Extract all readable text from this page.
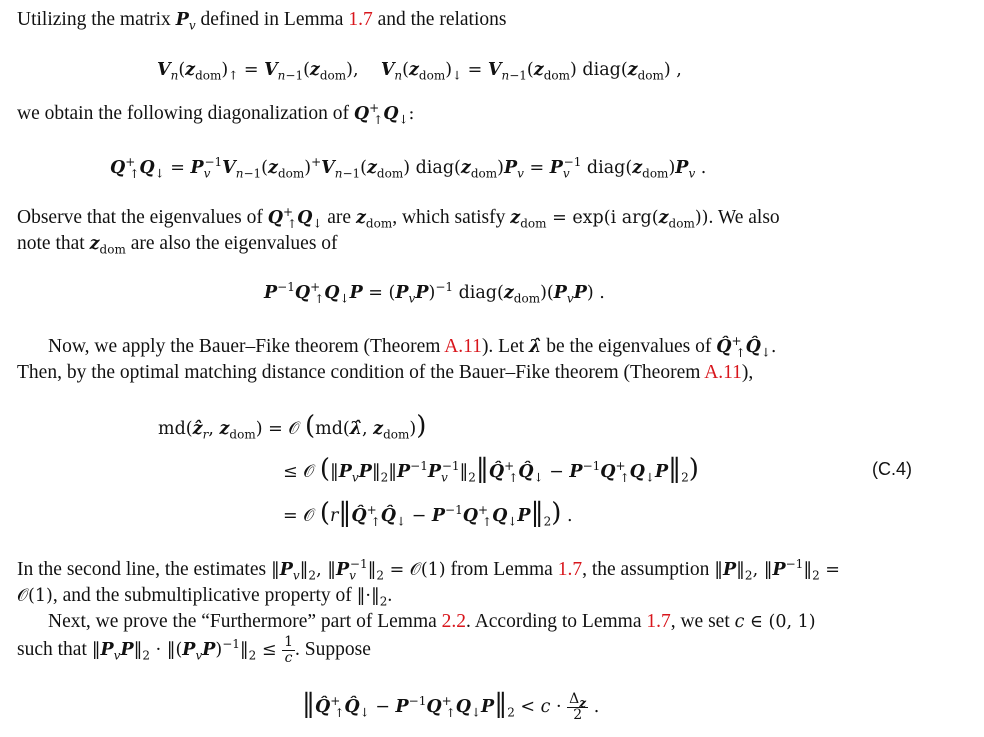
Utilizing the matrix $P_v$ defined in Lemma 1.7 and the relations
$V_n(z_{dom})_↑ = V_{n-1}(z_{dom})$,    $V_n(z_{dom})_↓ = V_{n-1}(z_{dom})$ $diag(z_{dom})$ ,
we obtain the following diagonalization of $Q^+_↑Q_↓$:
$Q^+_↑Q_↓ = P_v^{-1}V_{n-1}(z_{dom})^+V_{n-1}(z_{dom})$ $diag(z_{dom})P_v = P_v^{-1}$ $diag(z_{dom})P_v$ .
Observe that the eigenvalues of $Q^+_↑Q_↓$ are $z_{dom}$, which satisfy $z_{dom} = \exp(i$ $arg(z_{dom})$). We also
note that $z_{dom}$ are also the eigenvalues of
$P^{-1}Q^+_↑Q_↓P = (P_vP)^{-1}$ $diag(z_{dom})(P_vP)$ .
Now, we apply the Bauer–Fike theorem (Theorem A.11). Let λ̂ be the eigenvalues of $Q̂^+_↑Q̂_↓$.
Then, by the optimal matching distance condition of the Bauer–Fike theorem (Theorem A.11),
md(ẑ$_r$, $z_{dom}$) = 𝒪 (md(λ̂, $z_{dom}$))
≤ 𝒪 ($‖P_vP‖_2‖P^{-1}P_v^{-1}‖_2‖Q̂^+_↑Q̂_↓$ − $P^{-1}Q^+_↑Q_↓P‖_2$)	(C.4)
= 𝒪 ($r‖Q̂^+_↑Q̂_↓$ − $P^{-1}Q^+_↑Q_↓P‖_2$) .
In the second line, the estimates $‖P_v‖_2$, $‖P_v^{-1}‖_2$ = 𝒪(1) from Lemma 1.7, the assumption $‖P‖_2$, $‖P^{-1}‖_2$ =
𝒪(1), and the submultiplicative property of $‖\cdot‖_2$.
Next, we prove the “Furthermore” part of Lemma 2.2. According to Lemma 1.7, we set c ∈ (0, 1)
such that $‖P_vP‖_2$ · $‖(P_vP)^{-1}‖_2 \le \frac{1}{c}$ . Suppose
$‖Q̂^+_↑Q̂_↓$ − $P^{-1}Q^+_↑Q_↓P‖_2 < c \cdot \frac{\Delta_z}{2}$ .
